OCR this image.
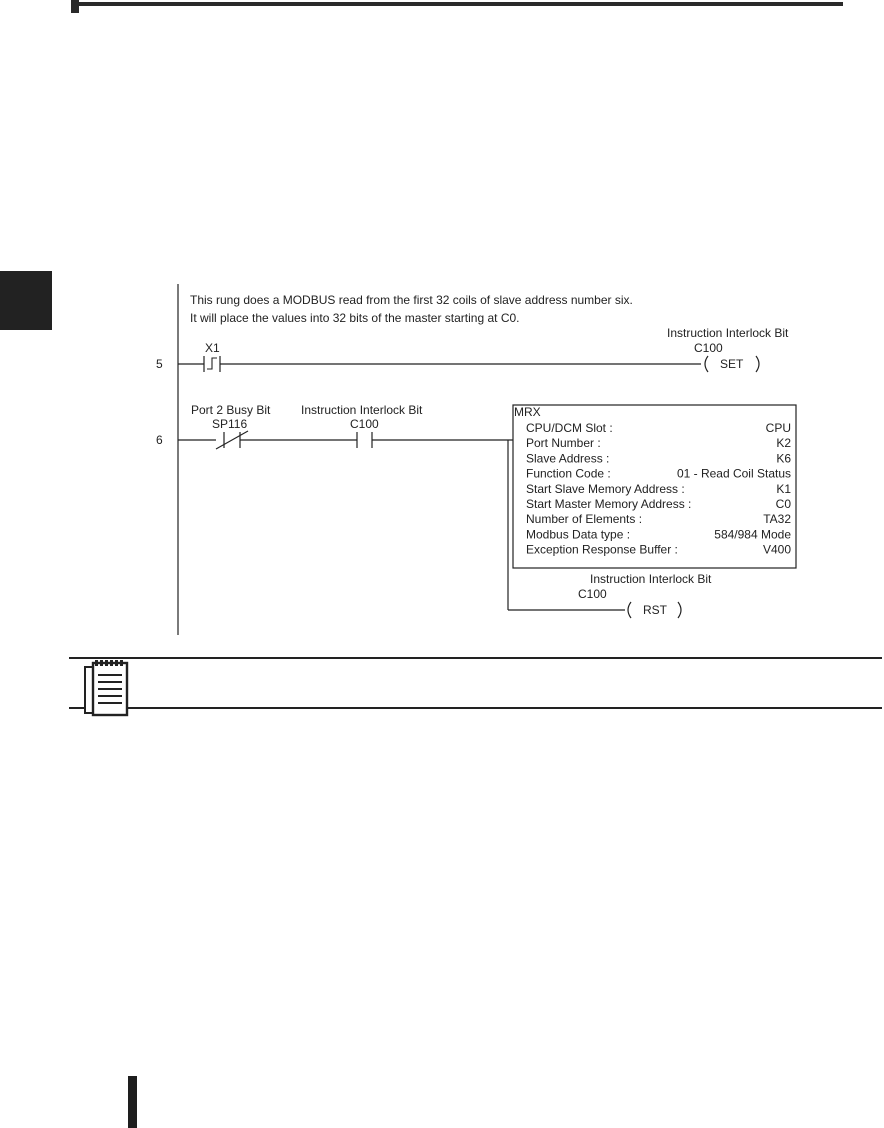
This rung does a MODBUS read from the first 32 coils of slave address number six.
It will place the values into 32 bits of the master starting at C0.
5
X1
SET
Instruction Interlock Bit
C100
6
Port 2 Busy Bit
SP116
Instruction Interlock Bit
C100
MRX
CPU/DCM Slot :	CPU
Port Number :	K2
Slave Address :	K6
Function Code :	01 - Read Coil Status
Start Slave Memory Address :	K1
Start Master Memory Address :	C0
Number of Elements :	TA32
Modbus Data type :	584/984 Mode
Exception Response Buffer :	V400
Instruction Interlock Bit
C100
RST
